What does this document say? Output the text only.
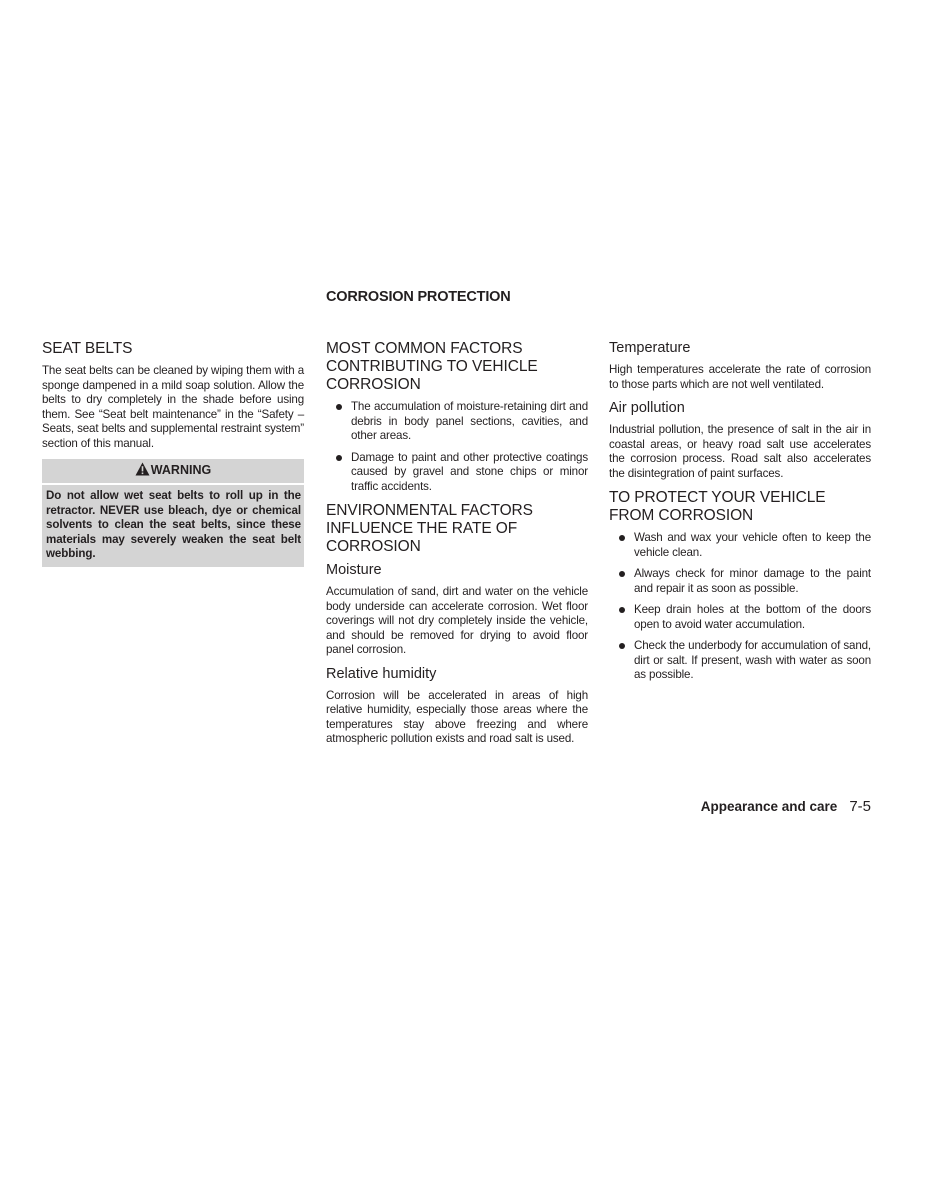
CORROSION PROTECTION
SEAT BELTS

The seat belts can be cleaned by wiping them with a sponge dampened in a mild soap solution. Allow the belts to dry completely in the shade before using them. See “Seat belt maintenance” in the “Safety – Seats, seat belts and supplemental restraint system” section of this manual.

WARNING
Do not allow wet seat belts to roll up in the retractor. NEVER use bleach, dye or chemical solvents to clean the seat belts, since these materials may severely weaken the seat belt webbing.
MOST COMMON FACTORS CONTRIBUTING TO VEHICLE CORROSION
The accumulation of moisture-retaining dirt and debris in body panel sections, cavities, and other areas.
Damage to paint and other protective coatings caused by gravel and stone chips or minor traffic accidents.
ENVIRONMENTAL FACTORS INFLUENCE THE RATE OF CORROSION
Moisture

Accumulation of sand, dirt and water on the vehicle body underside can accelerate corrosion. Wet floor coverings will not dry completely inside the vehicle, and should be removed for drying to avoid floor panel corrosion.

Relative humidity

Corrosion will be accelerated in areas of high relative humidity, especially those areas where the temperatures stay above freezing and where atmospheric pollution exists and road salt is used.

Temperature

High temperatures accelerate the rate of corrosion to those parts which are not well ventilated.

Air pollution

Industrial pollution, the presence of salt in the air in coastal areas, or heavy road salt use accelerates the corrosion process. Road salt also accelerates the disintegration of paint surfaces.

TO PROTECT YOUR VEHICLE FROM CORROSION
Wash and wax your vehicle often to keep the vehicle clean.
Always check for minor damage to the paint and repair it as soon as possible.
Keep drain holes at the bottom of the doors open to avoid water accumulation.
Check the underbody for accumulation of sand, dirt or salt. If present, wash with water as soon as possible.
Appearance and care 7-5
